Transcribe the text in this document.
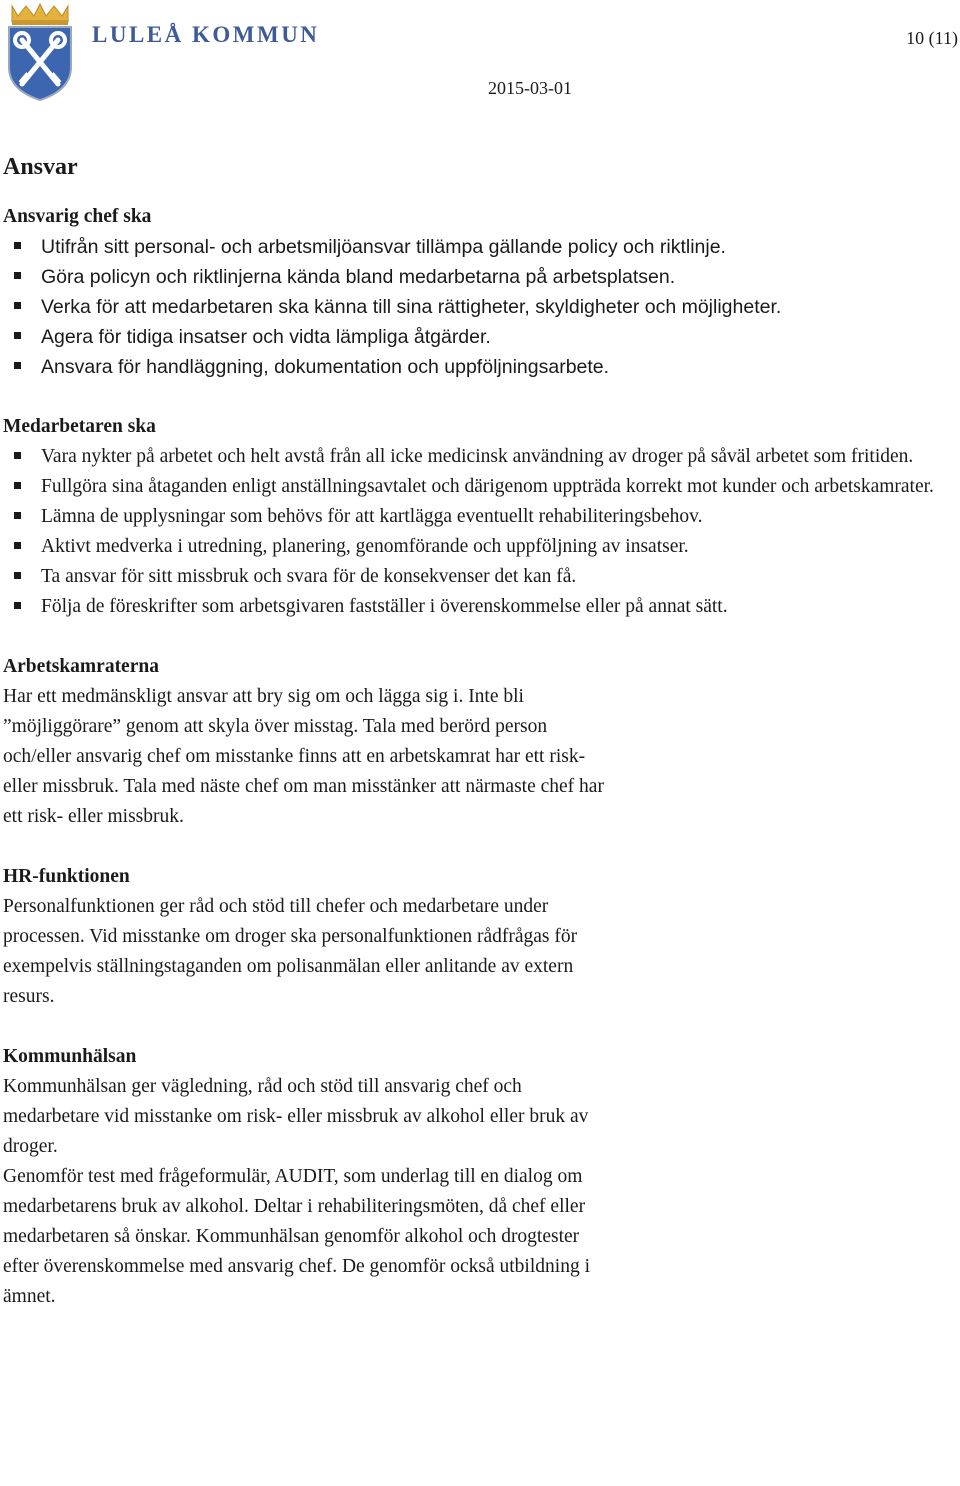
LULEÅ KOMMUN	10 (11)
2015-03-01
Ansvar
Ansvarig chef ska
Utifrån sitt personal- och arbetsmiljöansvar tillämpa gällande policy och riktlinje.
Göra policyn och riktlinjerna kända bland medarbetarna på arbetsplatsen.
Verka för att medarbetaren ska känna till sina rättigheter, skyldigheter och möjligheter.
Agera för tidiga insatser och vidta lämpliga åtgärder.
Ansvara för handläggning, dokumentation och uppföljningsarbete.
Medarbetaren ska
Vara nykter på arbetet och helt avstå från all icke medicinsk användning av droger på såväl arbetet som fritiden.
Fullgöra sina åtaganden enligt anställningsavtalet och därigenom uppträda korrekt mot kunder och arbetskamrater.
Lämna de upplysningar som behövs för att kartlägga eventuellt rehabiliteringsbehov.
Aktivt medverka i utredning, planering, genomförande och uppföljning av insatser.
Ta ansvar för sitt missbruk och svara för de konsekvenser det kan få.
Följa de föreskrifter som arbetsgivaren fastställer i överenskommelse eller på annat sätt.
Arbetskamraterna

Har ett medmänskligt ansvar att bry sig om och lägga sig i. Inte bli

”möjliggörare” genom att skyla över misstag. Tala med berörd person

och/eller ansvarig chef om misstanke finns att en arbetskamrat har ett risk-

eller missbruk. Tala med näste chef om man misstänker att närmaste chef har

ett risk- eller missbruk.

HR-funktionen

Personalfunktionen ger råd och stöd till chefer och medarbetare under

processen. Vid misstanke om droger ska personalfunktionen rådfrågas för

exempelvis ställningstaganden om polisanmälan eller anlitande av extern

resurs.

Kommunhälsan

Kommunhälsan ger vägledning, råd och stöd till ansvarig chef och

medarbetare vid misstanke om risk- eller missbruk av alkohol eller bruk av

droger.

Genomför test med frågeformulär, AUDIT, som underlag till en dialog om

medarbetarens bruk av alkohol. Deltar i rehabiliteringsmöten, då chef eller

medarbetaren så önskar. Kommunhälsan genomför alkohol och drogtester

efter överenskommelse med ansvarig chef. De genomför också utbildning i

ämnet.
